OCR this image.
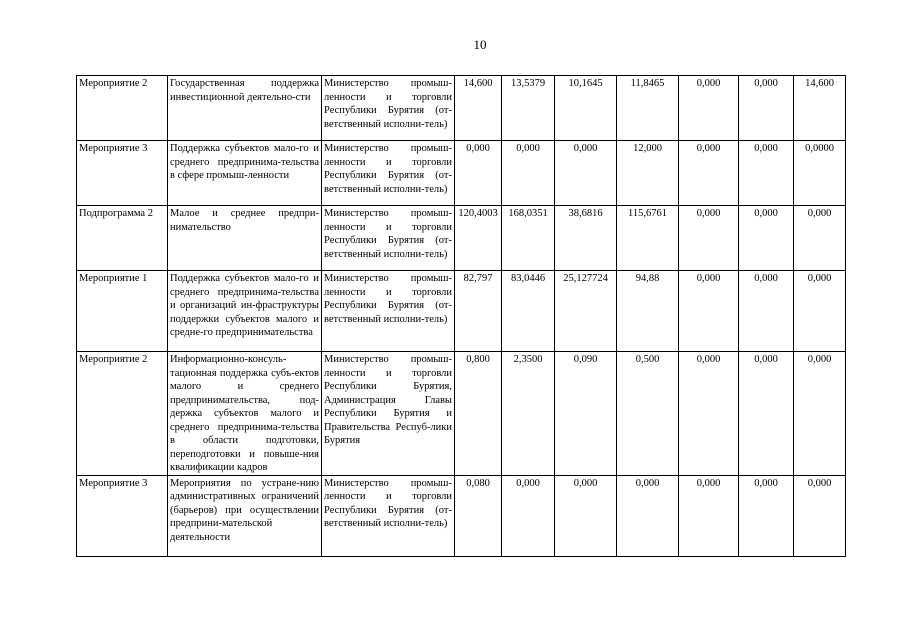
10
Мероприятие 2	Государственная поддержка инвестиционной деятельно-сти	Министерство промыш-ленности и торговли Республики Бурятия (от-ветственный исполни-тель)	14,600	13,5379	10,1645	11,8465	0,000	0,000	14,600
Мероприятие 3	Поддержка субъектов мало-го и среднего предпринима-тельства в сфере промыш-ленности	Министерство промыш-ленности и торговли Республики Бурятия (от-ветственный исполни-тель)	0,000	0,000	0,000	12,000	0,000	0,000	0,0000
Подпрограмма 2	Малое и среднее предпри-нимательство	Министерство промыш-ленности и торговли Республики Бурятия (от-ветственный исполни-тель)	120,4003	168,0351	38,6816	115,6761	0,000	0,000	0,000
Мероприятие 1	Поддержка субъектов мало-го и среднего предпринима-тельства и организаций ин-фраструктуры поддержки субъектов малого и средне-го предпринимательства	Министерство промыш-ленности и торговли Республики Бурятия (от-ветственный исполни-тель)	82,797	83,0446	25,127724	94,88	0,000	0,000	0,000
Мероприятие 2	Информационно-консуль-тационная поддержка субъ-ектов малого и среднего предпринимательства, под-держка субъектов малого и среднего предпринима-тельства в области подготовки, переподготовки и повыше-ния квалификации кадров	Министерство промыш-ленности и торговли Республики Бурятия, Администрация Главы Республики Бурятия и Правительства Респуб-лики Бурятия	0,800	2,3500	0,090	0,500	0,000	0,000	0,000
Мероприятие 3	Мероприятия по устране-нию административных ограничений (барьеров) при осуществлении предприни-мательской деятельности	Министерство промыш-ленности и торговли Республики Бурятия (от-ветственный исполни-тель)	0,080	0,000	0,000	0,000	0,000	0,000	0,000
